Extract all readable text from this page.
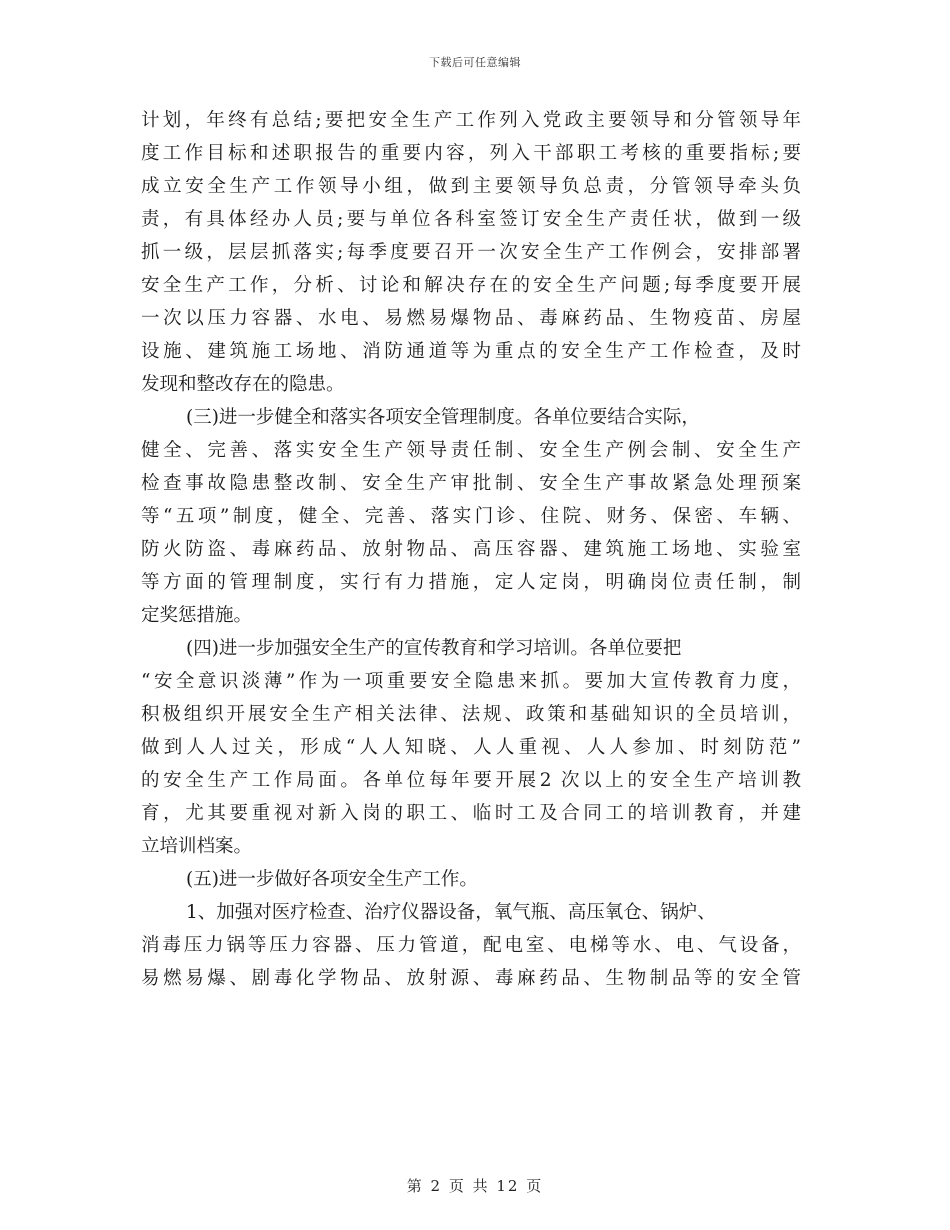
下载后可任意编辑
计划，年终有总结;要把安全生产工作列入党政主要领导和分管领导年
度工作目标和述职报告的重要内容，列入干部职工考核的重要指标;要
成立安全生产工作领导小组，做到主要领导负总责，分管领导牵头负
责，有具体经办人员;要与单位各科室签订安全生产责任状，做到一级
抓一级，层层抓落实;每季度要召开一次安全生产工作例会，安排部署
安全生产工作，分析、讨论和解决存在的安全生产问题;每季度要开展
一次以压力容器、水电、易燃易爆物品、毒麻药品、生物疫苗、房屋
设施、建筑施工场地、消防通道等为重点的安全生产工作检查，及时
发现和整改存在的隐患。
(三)进一步健全和落实各项安全管理制度。各单位要结合实际，
健全、完善、落实安全生产领导责任制、安全生产例会制、安全生产
检查事故隐患整改制、安全生产审批制、安全生产事故紧急处理预案
等“五项”制度，健全、完善、落实门诊、住院、财务、保密、车辆、
防火防盗、毒麻药品、放射物品、高压容器、建筑施工场地、实验室
等方面的管理制度，实行有力措施，定人定岗，明确岗位责任制，制
定奖惩措施。
(四)进一步加强安全生产的宣传教育和学习培训。各单位要把
“安全意识淡薄”作为一项重要安全隐患来抓。要加大宣传教育力度，
积极组织开展安全生产相关法律、法规、政策和基础知识的全员培训，
做到人人过关，形成“人人知晓、人人重视、人人参加、时刻防范”
的安全生产工作局面。各单位每年要开展2 次以上的安全生产培训教
育，尤其要重视对新入岗的职工、临时工及合同工的培训教育，并建
立培训档案。
(五)进一步做好各项安全生产工作。
1、加强对医疗检查、治疗仪器设备，氧气瓶、高压氧仓、锅炉、
消毒压力锅等压力容器、压力管道，配电室、电梯等水、电、气设备，
易燃易爆、剧毒化学物品、放射源、毒麻药品、生物制品等的安全管
第 2 页 共 12 页
